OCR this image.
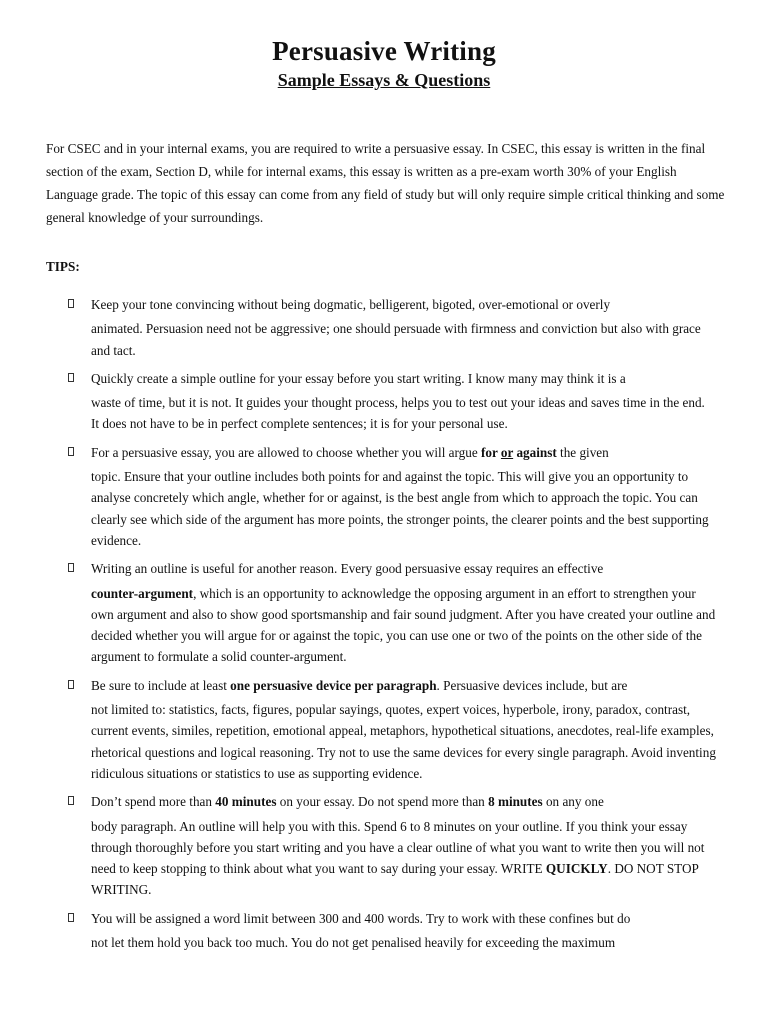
Persuasive Writing
Sample Essays & Questions

For CSEC and in your internal exams, you are required to write a persuasive essay. In CSEC, this essay is written in the final section of the exam, Section D, while for internal exams, this essay is written as a pre-exam worth 30% of your English Language grade. The topic of this essay can come from any field of study but will only require simple critical thinking and some general knowledge of your surroundings.

TIPS:
Keep your tone convincing without being dogmatic, belligerent, bigoted, over-emotional or overly
animated. Persuasion need not be aggressive; one should persuade with firmness and conviction but also with grace and tact.
Quickly create a simple outline for your essay before you start writing. I know many may think it is a
waste of time, but it is not. It guides your thought process, helps you to test out your ideas and saves time in the end. It does not have to be in perfect complete sentences; it is for your personal use.
For a persuasive essay, you are allowed to choose whether you will argue for or against the given
topic. Ensure that your outline includes both points for and against the topic. This will give you an opportunity to analyse concretely which angle, whether for or against, is the best angle from which to approach the topic. You can clearly see which side of the argument has more points, the stronger points, the clearer points and the best supporting evidence.
Writing an outline is useful for another reason. Every good persuasive essay requires an effective
counter-argument, which is an opportunity to acknowledge the opposing argument in an effort to strengthen your own argument and also to show good sportsmanship and fair sound judgment. After you have created your outline and decided whether you will argue for or against the topic, you can use one or two of the points on the other side of the argument to formulate a solid counter-argument.
Be sure to include at least one persuasive device per paragraph. Persuasive devices include, but are
not limited to: statistics, facts, figures, popular sayings, quotes, expert voices, hyperbole, irony, paradox, contrast, current events, similes, repetition, emotional appeal, metaphors, hypothetical situations, anecdotes, real-life examples, rhetorical questions and logical reasoning. Try not to use the same devices for every single paragraph. Avoid inventing ridiculous situations or statistics to use as supporting evidence.
Don’t spend more than 40 minutes on your essay. Do not spend more than 8 minutes on any one
body paragraph. An outline will help you with this. Spend 6 to 8 minutes on your outline. If you think your essay through thoroughly before you start writing and you have a clear outline of what you want to write then you will not need to keep stopping to think about what you want to say during your essay. WRITE QUICKLY. DO NOT STOP WRITING.
You will be assigned a word limit between 300 and 400 words. Try to work with these confines but do
not let them hold you back too much. You do not get penalised heavily for exceeding the maximum
